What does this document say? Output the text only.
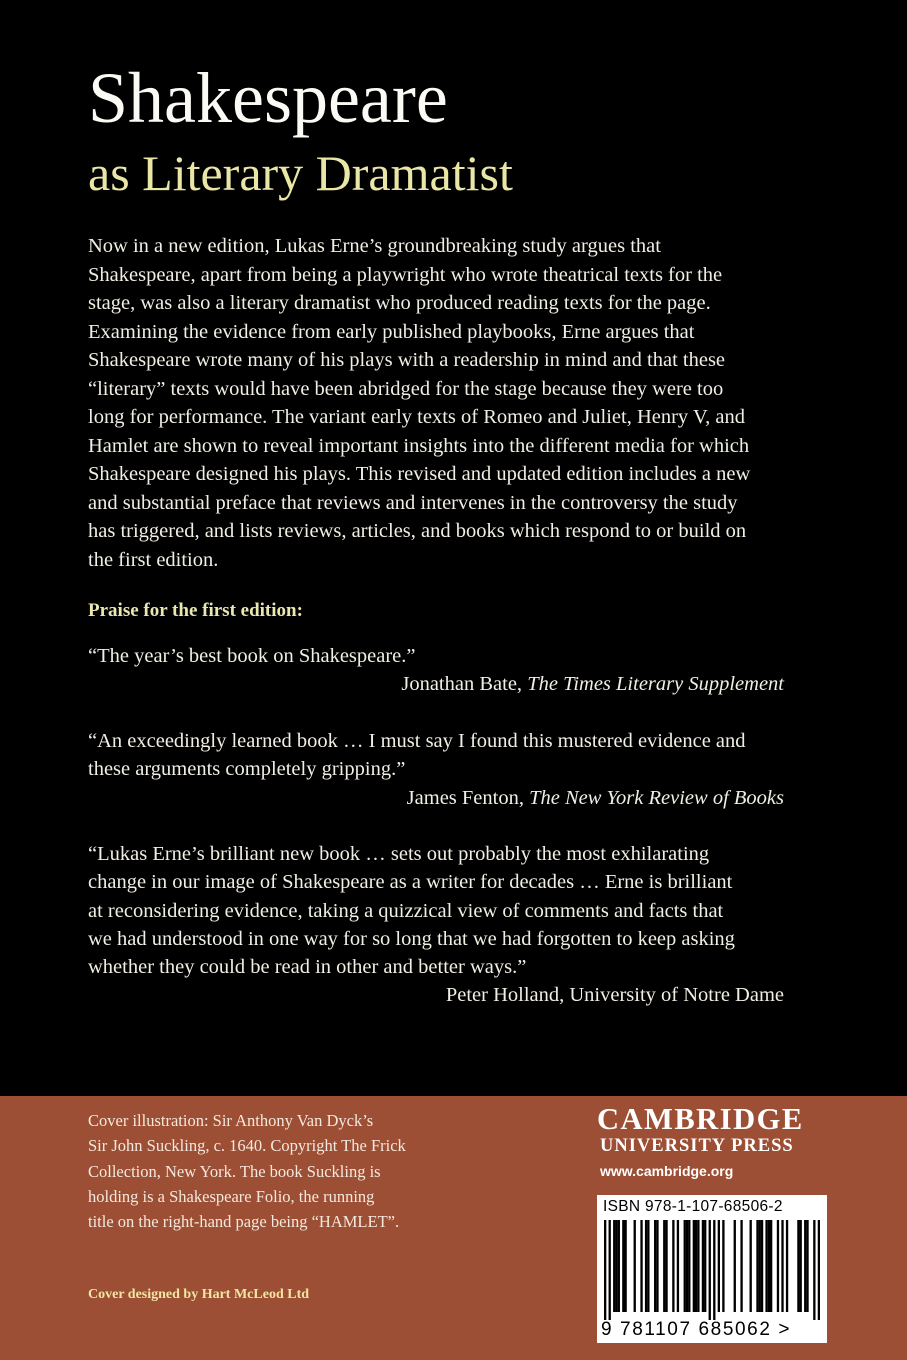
Shakespeare
as Literary Dramatist
Now in a new edition, Lukas Erne’s groundbreaking study argues that
Shakespeare, apart from being a playwright who wrote theatrical texts for the
stage, was also a literary dramatist who produced reading texts for the page.
Examining the evidence from early published playbooks, Erne argues that
Shakespeare wrote many of his plays with a readership in mind and that these
“literary” texts would have been abridged for the stage because they were too
long for performance. The variant early texts of Romeo and Juliet, Henry V, and
Hamlet are shown to reveal important insights into the different media for which
Shakespeare designed his plays. This revised and updated edition includes a new
and substantial preface that reviews and intervenes in the controversy the study
has triggered, and lists reviews, articles, and books which respond to or build on
the first edition.
Praise for the first edition:
“The year’s best book on Shakespeare.”
Jonathan Bate, The Times Literary Supplement
“An exceedingly learned book … I must say I found this mustered evidence and
these arguments completely gripping.”
James Fenton, The New York Review of Books
“Lukas Erne’s brilliant new book … sets out probably the most exhilarating
change in our image of Shakespeare as a writer for decades … Erne is brilliant
at reconsidering evidence, taking a quizzical view of comments and facts that
we had understood in one way for so long that we had forgotten to keep asking
whether they could be read in other and better ways.”
Peter Holland, University of Notre Dame
Cover illustration: Sir Anthony Van Dyck’s
Sir John Suckling, c. 1640. Copyright The Frick
Collection, New York. The book Suckling is
holding is a Shakespeare Folio, the running
title on the right-hand page being “HAMLET”.
Cover designed by Hart McLeod Ltd
CAMBRIDGE
UNIVERSITY PRESS
www.cambridge.org
ISBN 978-1-107-68506-2
9 781107 685062 >
